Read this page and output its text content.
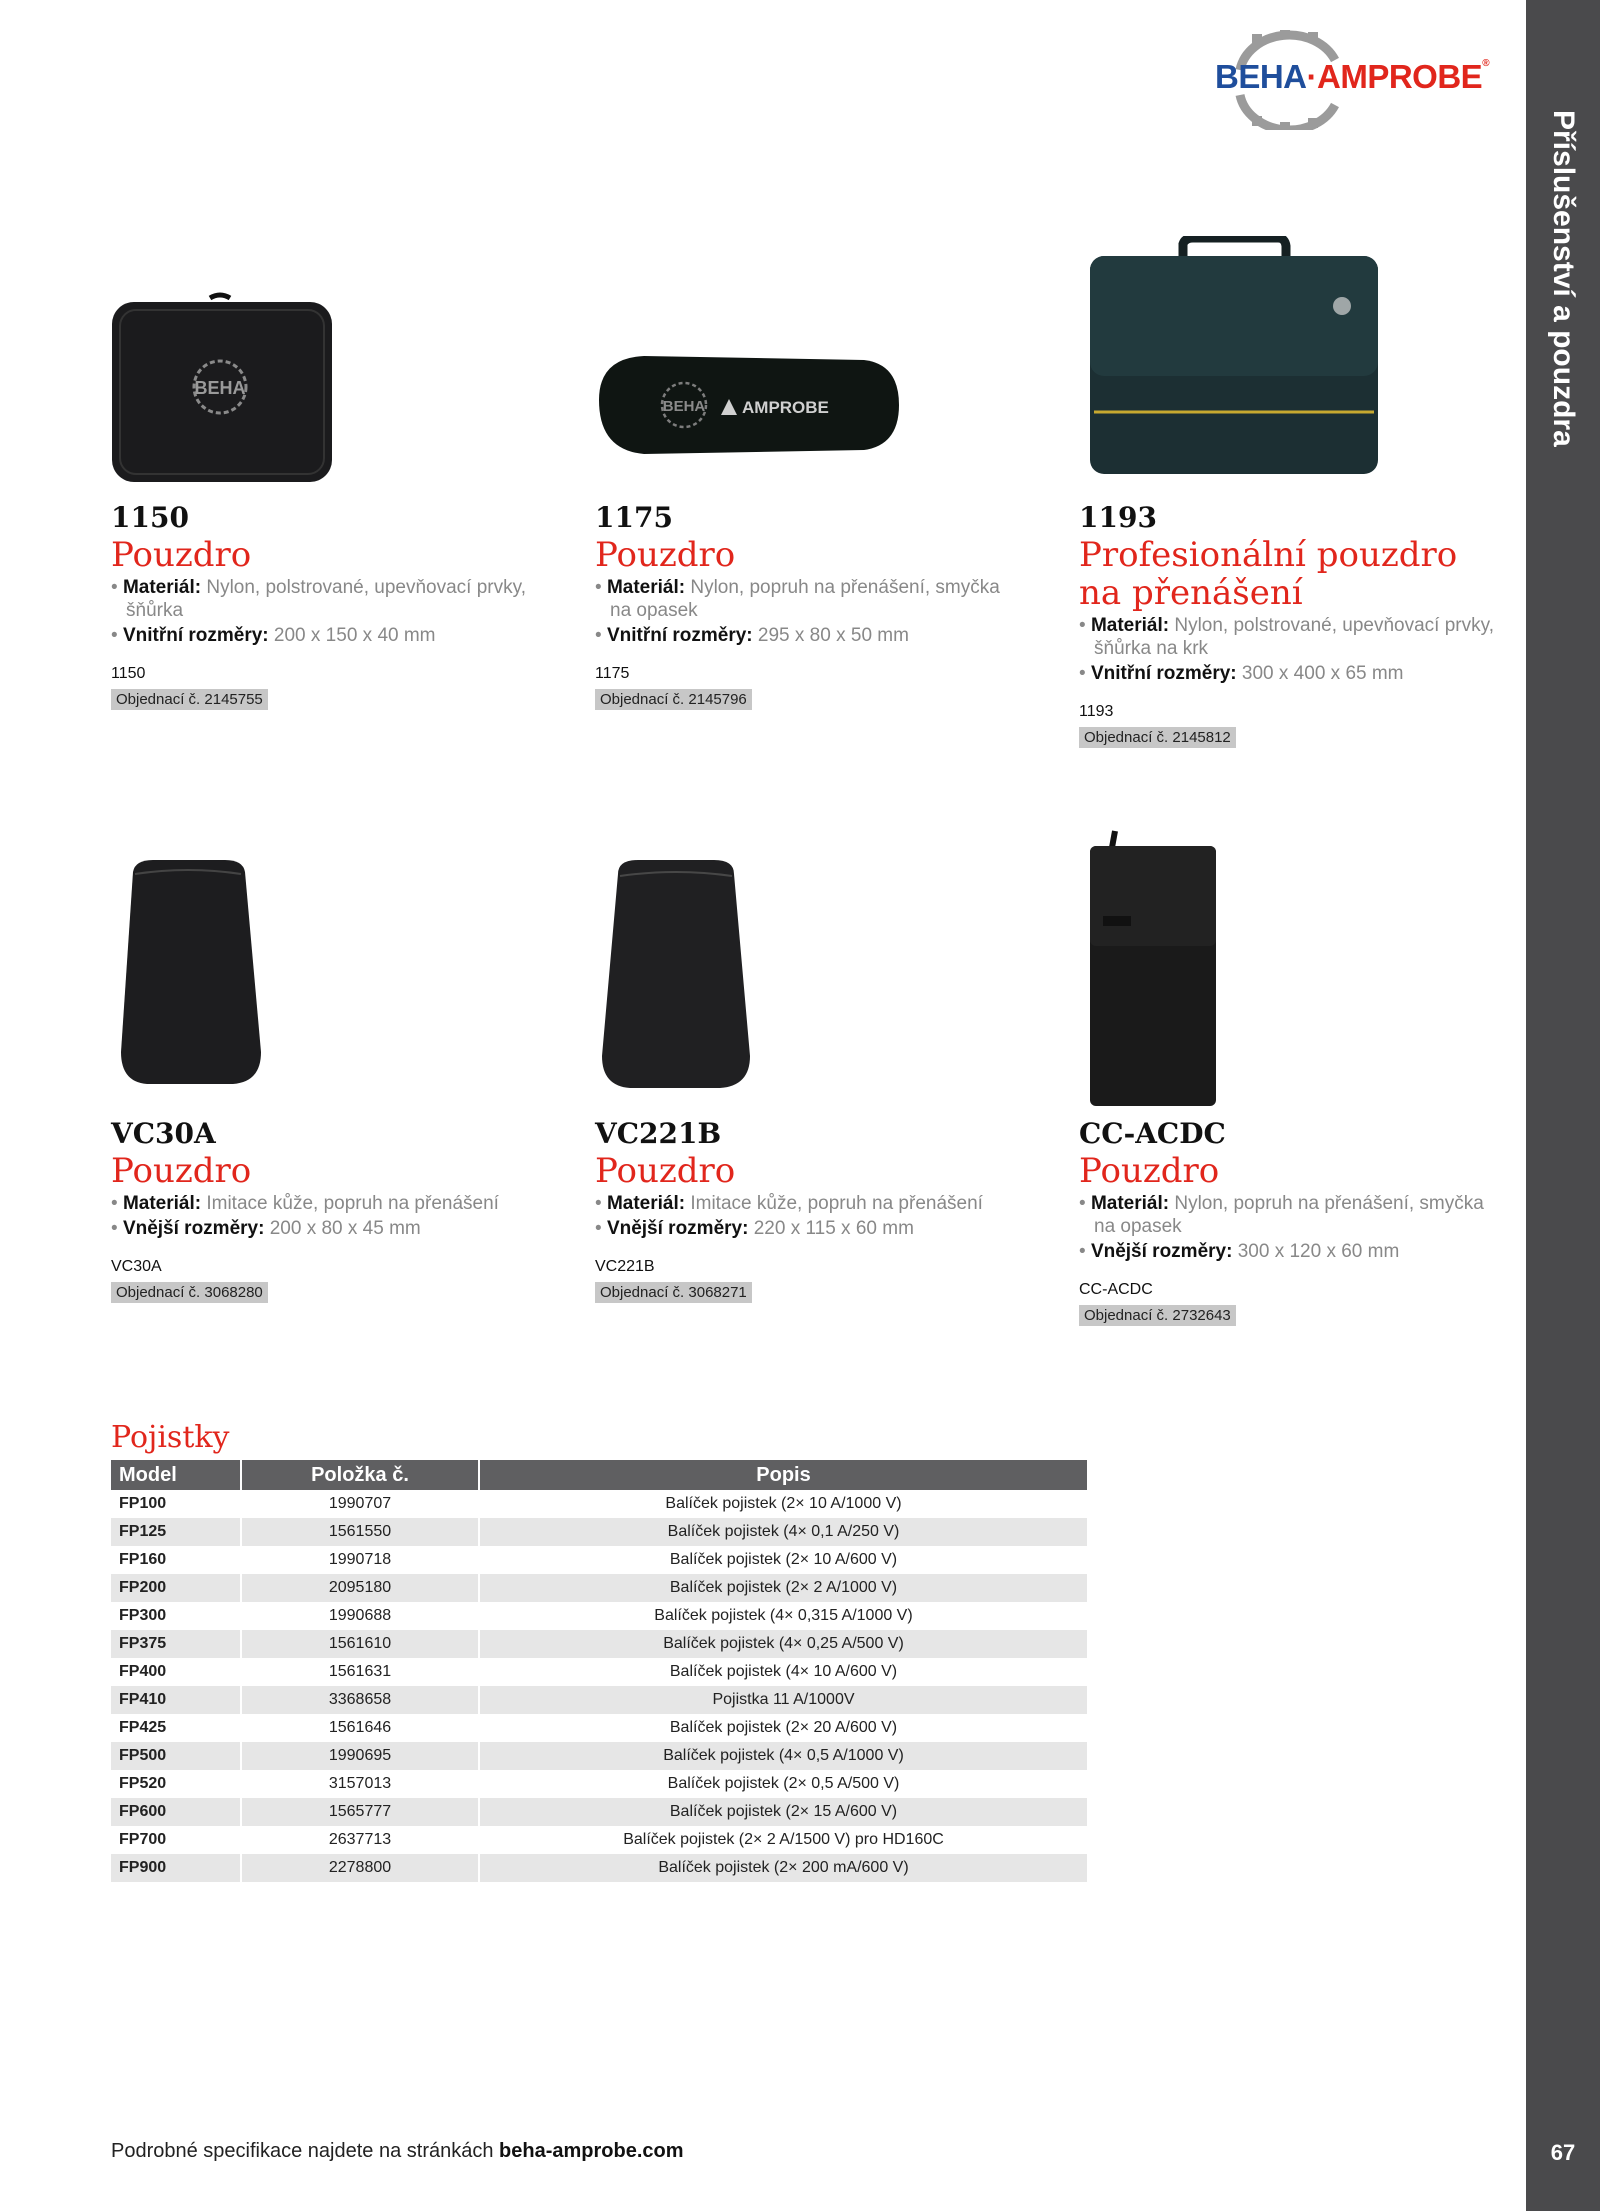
Příslušenství a pouzdra
67
BEHA·AMPROBE®
BEHA
BEHA AMPROBE
1150
Pouzdro
• Materiál: Nylon, polstrované, upevňovací prvky, šňůrka
• Vnitřní rozměry: 200 x 150 x 40 mm
1150
Objednací č. 2145755
1175
Pouzdro
• Materiál: Nylon, popruh na přenášení, smyčka na opasek
• Vnitřní rozměry: 295 x 80 x 50 mm
1175
Objednací č. 2145796
1193
Profesionální pouzdro na přenášení
• Materiál: Nylon, polstrované, upevňovací prvky, šňůrka na krk
• Vnitřní rozměry: 300 x 400 x 65 mm
1193
Objednací č. 2145812
VC30A
Pouzdro
• Materiál: Imitace kůže, popruh na přenášení
• Vnější rozměry: 200 x 80 x 45 mm
VC30A
Objednací č. 3068280
VC221B
Pouzdro
• Materiál: Imitace kůže, popruh na přenášení
• Vnější rozměry: 220 x 115 x 60 mm
VC221B
Objednací č. 3068271
CC-ACDC
Pouzdro
• Materiál: Nylon, popruh na přenášení, smyčka na opasek
• Vnější rozměry: 300 x 120 x 60 mm
CC-ACDC
Objednací č. 2732643
Pojistky
Model	Položka č.	Popis
FP100	1990707	Balíček pojistek (2× 10 A/1000 V)
FP125	1561550	Balíček pojistek (4× 0,1 A/250 V)
FP160	1990718	Balíček pojistek (2× 10 A/600 V)
FP200	2095180	Balíček pojistek (2× 2 A/1000 V)
FP300	1990688	Balíček pojistek (4× 0,315 A/1000 V)
FP375	1561610	Balíček pojistek (4× 0,25 A/500 V)
FP400	1561631	Balíček pojistek (4× 10 A/600 V)
FP410	3368658	Pojistka 11 A/1000V
FP425	1561646	Balíček pojistek (2× 20 A/600 V)
FP500	1990695	Balíček pojistek (4× 0,5 A/1000 V)
FP520	3157013	Balíček pojistek (2× 0,5 A/500 V)
FP600	1565777	Balíček pojistek (2× 15 A/600 V)
FP700	2637713	Balíček pojistek (2× 2 A/1500 V) pro HD160C
FP900	2278800	Balíček pojistek (2× 200 mA/600 V)
Podrobné specifikace najdete na stránkách beha-amprobe.com
